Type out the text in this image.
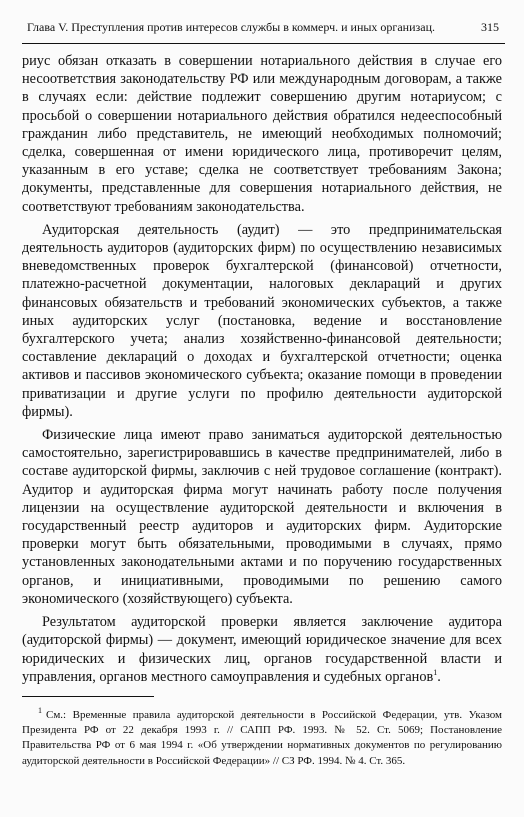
Глава V. Преступления против интересов службы в коммерч. и иных организац.	315

риус обязан отказать в совершении нотариального действия в случае его несоответствия законодательству РФ или международным договорам, а также в случаях если: действие подлежит совершению другим нотариусом; с просьбой о совершении нотариального действия обратился недееспособный гражданин либо представитель, не имеющий необходимых полномочий; сделка, совершенная от имени юридического лица, противоречит целям, указанным в его уставе; сделка не соответствует требованиям Закона; документы, представленные для совершения нотариального действия, не соответствуют требованиям законодательства.

Аудиторская деятельность (аудит) — это предпринимательская деятельность аудиторов (аудиторских фирм) по осуществлению независимых вневедомственных проверок бухгалтерской (финансовой) отчетности, платежно-расчетной документации, налоговых деклараций и других финансовых обязательств и требований экономических субъектов, а также иных аудиторских услуг (постановка, ведение и восстановление бухгалтерского учета; анализ хозяйственно-финансовой деятельности; составление деклараций о доходах и бухгалтерской отчетности; оценка активов и пассивов экономического субъекта; оказание помощи в проведении приватизации и другие услуги по профилю деятельности аудиторской фирмы).

Физические лица имеют право заниматься аудиторской деятельностью самостоятельно, зарегистрировавшись в качестве предпринимателей, либо в составе аудиторской фирмы, заключив с ней трудовое соглашение (контракт). Аудитор и аудиторская фирма могут начинать работу после получения лицензии на осуществление аудиторской деятельности и включения в государственный реестр аудиторов и аудиторских фирм. Аудиторские проверки могут быть обязательными, проводимыми в случаях, прямо установленных законодательными актами и по поручению государственных органов, и инициативными, проводимыми по решению самого экономического (хозяйствующего) субъекта.

Результатом аудиторской проверки является заключение аудитора (аудиторской фирмы) — документ, имеющий юридическое значение для всех юридических и физических лиц, органов государственной власти и управления, органов местного самоуправления и судебных органов$^1$.

$^1$ См.: Временные правила аудиторской деятельности в Российской Федерации, утв. Указом Президента РФ от 22 декабря 1993 г. // САПП РФ. 1993. № 52. Ст. 5069; Постановление Правительства РФ от 6 мая 1994 г. «Об утверждении нормативных документов по регулированию аудиторской деятельности в Российской Федерации» // СЗ РФ. 1994. № 4. Ст. 365.
